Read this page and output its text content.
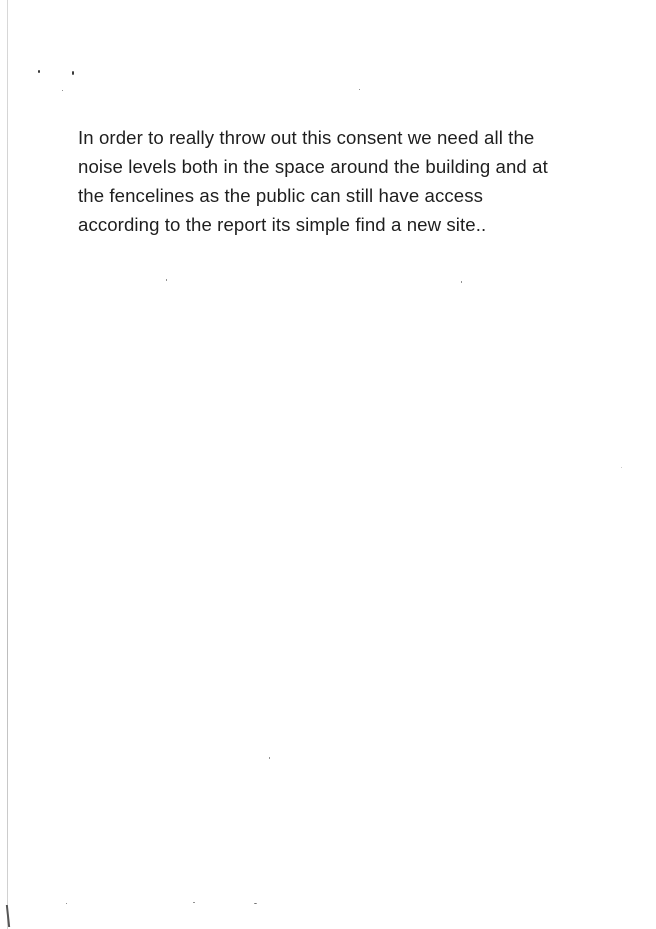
In order to really throw out this consent we need all the
noise levels both in the space around the building and at
the fencelines as the public can still have access
according to the report its simple find a new site..
